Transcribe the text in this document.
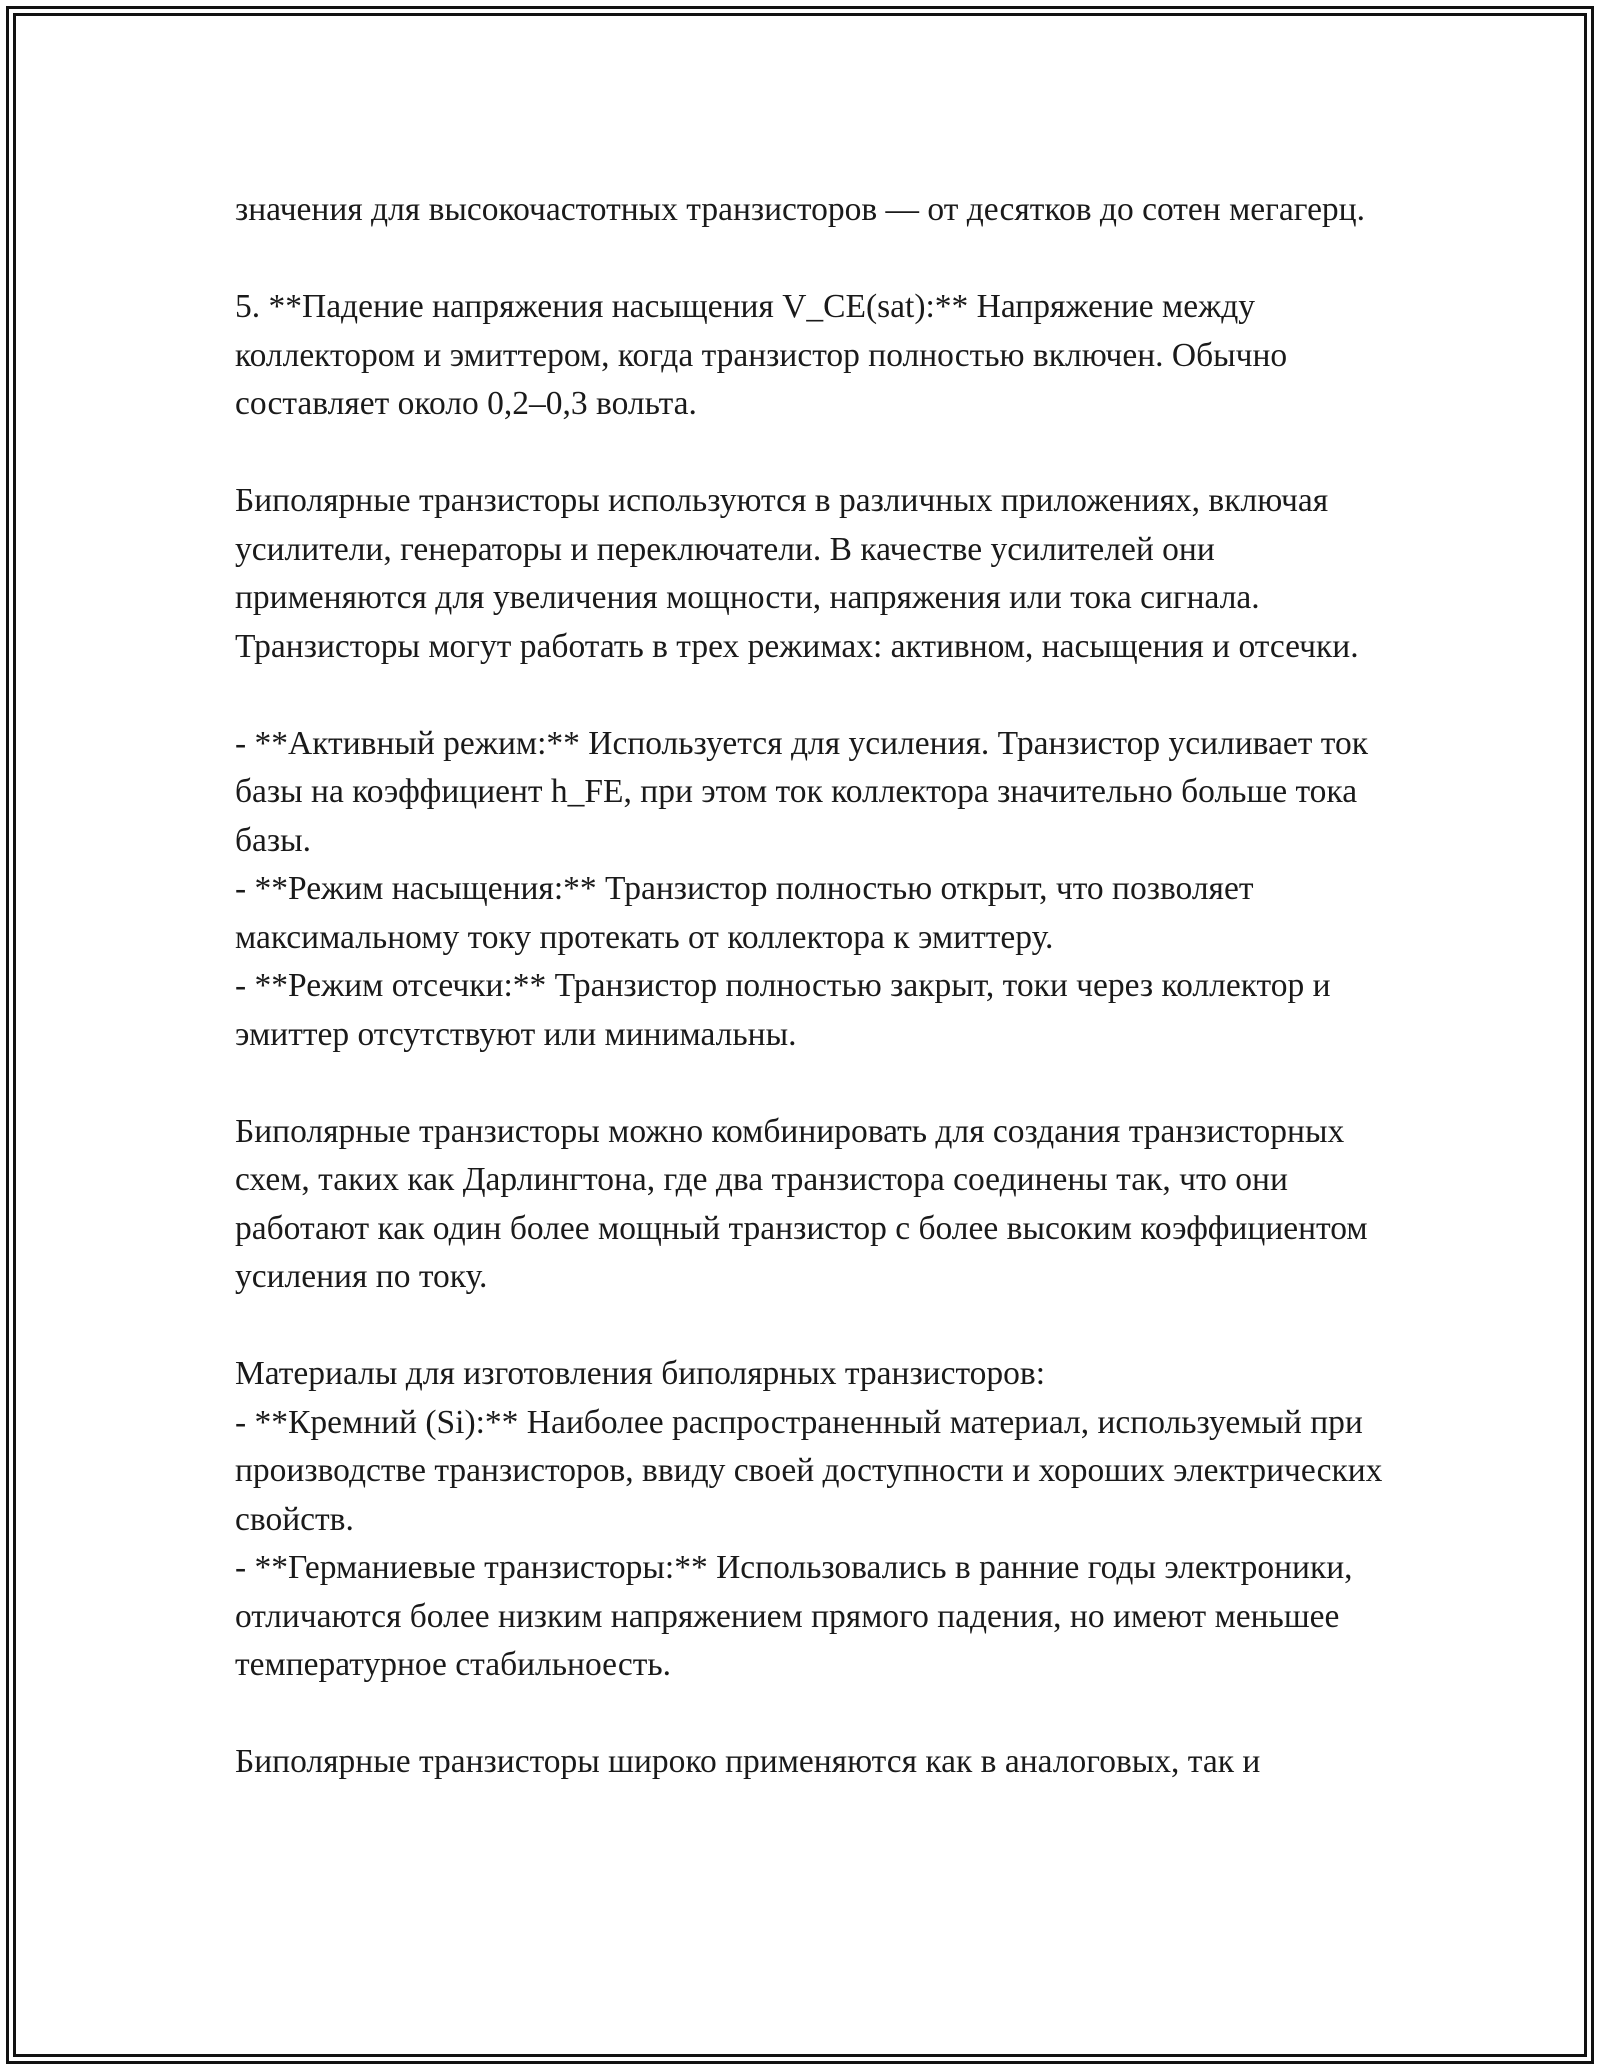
значения для высокочастотных транзисторов — от десятков до сотен мегагерц.

5. **Падение напряжения насыщения V_CE(sat):** Напряжение между коллектором и эмиттером, когда транзистор полностью включен. Обычно составляет около 0,2–0,3 вольта.

Биполярные транзисторы используются в различных приложениях, включая усилители, генераторы и переключатели. В качестве усилителей они применяются для увеличения мощности, напряжения или тока сигнала. Транзисторы могут работать в трех режимах: активном, насыщения и отсечки.

- **Активный режим:** Используется для усиления. Транзистор усиливает ток базы на коэффициент h_FE, при этом ток коллектора значительно больше тока базы.

- **Режим насыщения:** Транзистор полностью открыт, что позволяет максимальному току протекать от коллектора к эмиттеру.

- **Режим отсечки:** Транзистор полностью закрыт, токи через коллектор и эмиттер отсутствуют или минимальны.

Биполярные транзисторы можно комбинировать для создания транзисторных схем, таких как Дарлингтона, где два транзистора соединены так, что они работают как один более мощный транзистор с более высоким коэффициентом усиления по току.

Материалы для изготовления биполярных транзисторов:

- **Кремний (Si):** Наиболее распространенный материал, используемый при производстве транзисторов, ввиду своей доступности и хороших электрических свойств.

- **Германиевые транзисторы:** Использовались в ранние годы электроники, отличаются более низким напряжением прямого падения, но имеют меньшее температурное стабильноесть.

Биполярные транзисторы широко применяются как в аналоговых, так и
